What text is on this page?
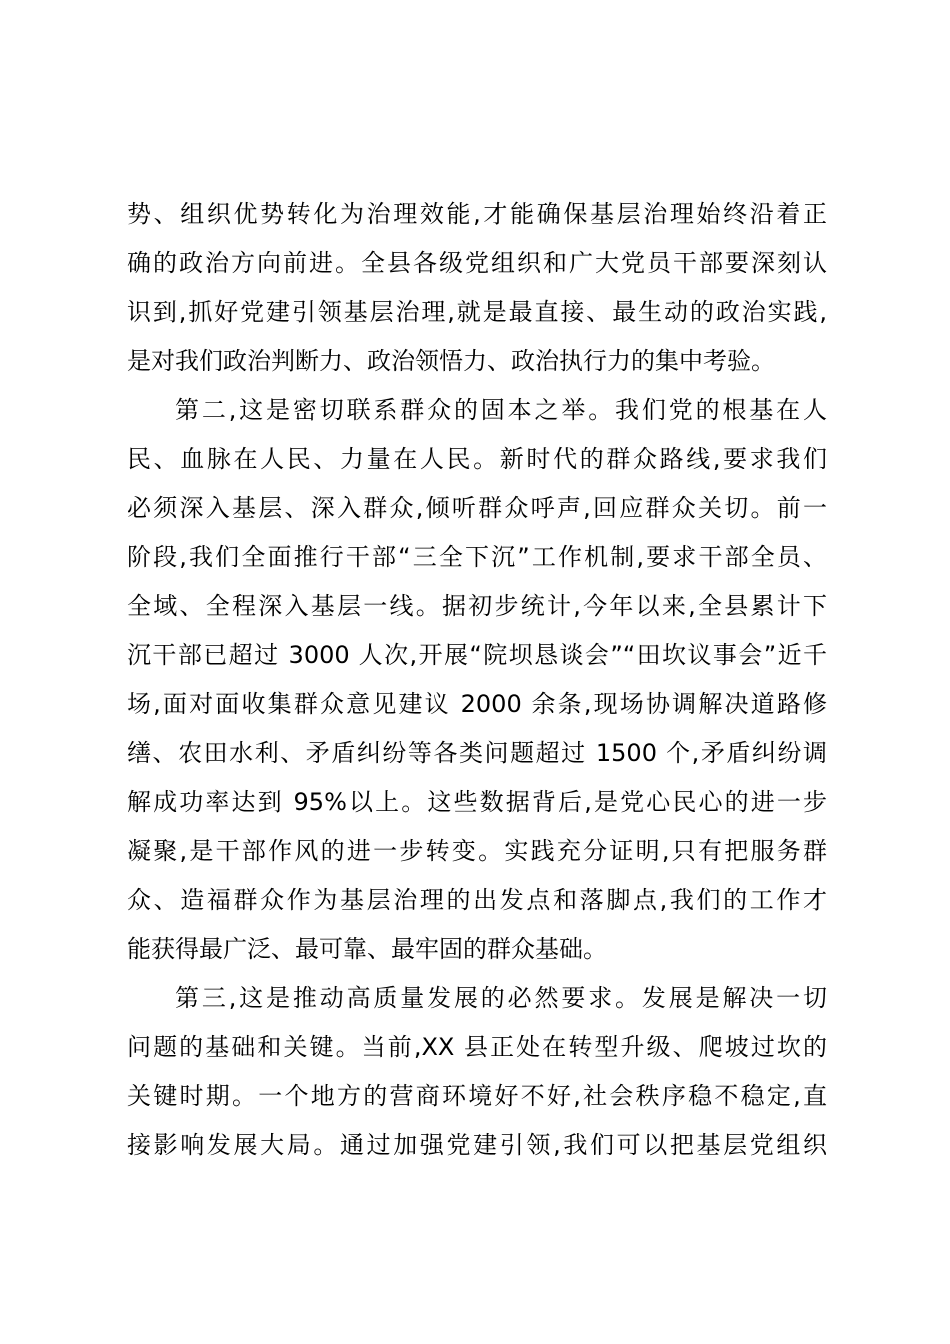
势、组织优势转化为治理效能,才能确保基层治理始终沿着正
确的政治方向前进。全县各级党组织和广大党员干部要深刻认
识到,抓好党建引领基层治理,就是最直接、最生动的政治实践,
是对我们政治判断力、政治领悟力、政治执行力的集中考验。
第二,这是密切联系群众的固本之举。我们党的根基在人
民、血脉在人民、力量在人民。新时代的群众路线,要求我们
必须深入基层、深入群众,倾听群众呼声,回应群众关切。前一
阶段,我们全面推行干部“三全下沉”工作机制,要求干部全员、
全域、全程深入基层一线。据初步统计,今年以来,全县累计下
沉干部已超过 3000 人次,开展“院坝恳谈会”“田坎议事会”近千
场,面对面收集群众意见建议 2000 余条,现场协调解决道路修
缮、农田水利、矛盾纠纷等各类问题超过 1500 个,矛盾纠纷调
解成功率达到 95%以上。这些数据背后,是党心民心的进一步
凝聚,是干部作风的进一步转变。实践充分证明,只有把服务群
众、造福群众作为基层治理的出发点和落脚点,我们的工作才
能获得最广泛、最可靠、最牢固的群众基础。
第三,这是推动高质量发展的必然要求。发展是解决一切
问题的基础和关键。当前,XX 县正处在转型升级、爬坡过坎的
关键时期。一个地方的营商环境好不好,社会秩序稳不稳定,直
接影响发展大局。通过加强党建引领,我们可以把基层党组织
